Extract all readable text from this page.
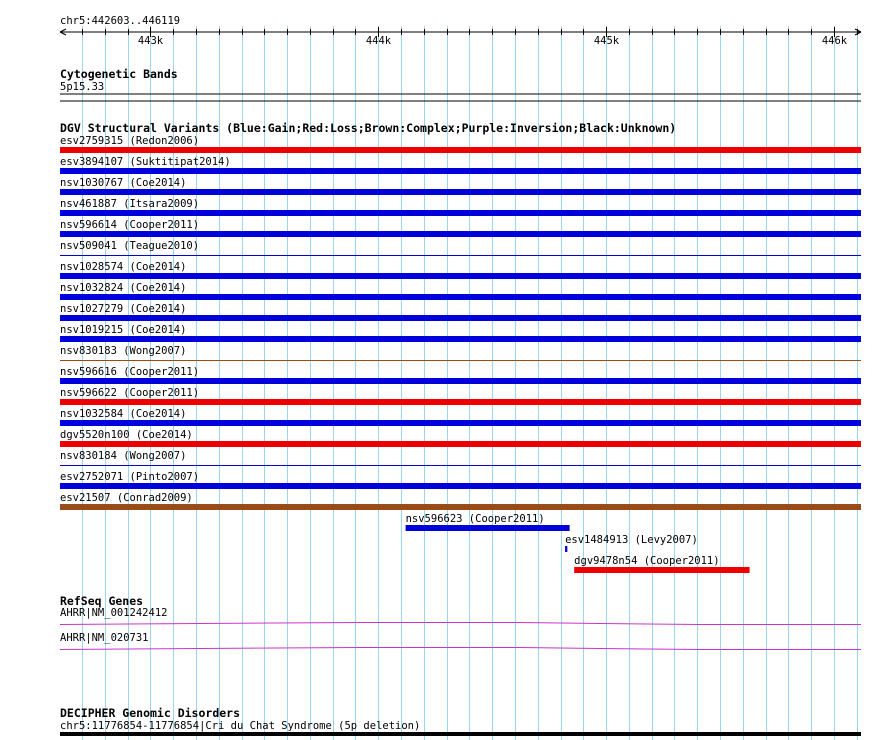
chr5:442603..446119
443k	444k	445k	446k
Cytogenetic Bands
5p15.33
DGV Structural Variants (Blue:Gain;Red:Loss;Brown:Complex;Purple:Inversion;Black:Unknown)
esv2759315 (Redon2006)
esv3894107 (Suktitipat2014)
nsv1030767 (Coe2014)
nsv461887 (Itsara2009)
nsv596614 (Cooper2011)
nsv509041 (Teague2010)
nsv1028574 (Coe2014)
nsv1032824 (Coe2014)
nsv1027279 (Coe2014)
nsv1019215 (Coe2014)
nsv830183 (Wong2007)
nsv596616 (Cooper2011)
nsv596622 (Cooper2011)
nsv1032584 (Coe2014)
dgv5520n100 (Coe2014)
nsv830184 (Wong2007)
esv2752071 (Pinto2007)
esv21507 (Conrad2009)
nsv596623 (Cooper2011)
esv1484913 (Levy2007)
dgv9478n54 (Cooper2011)
RefSeq Genes
AHRR|NM_001242412
AHRR|NM_020731
DECIPHER Genomic Disorders
chr5:11776854-11776854|Cri du Chat Syndrome (5p deletion)
